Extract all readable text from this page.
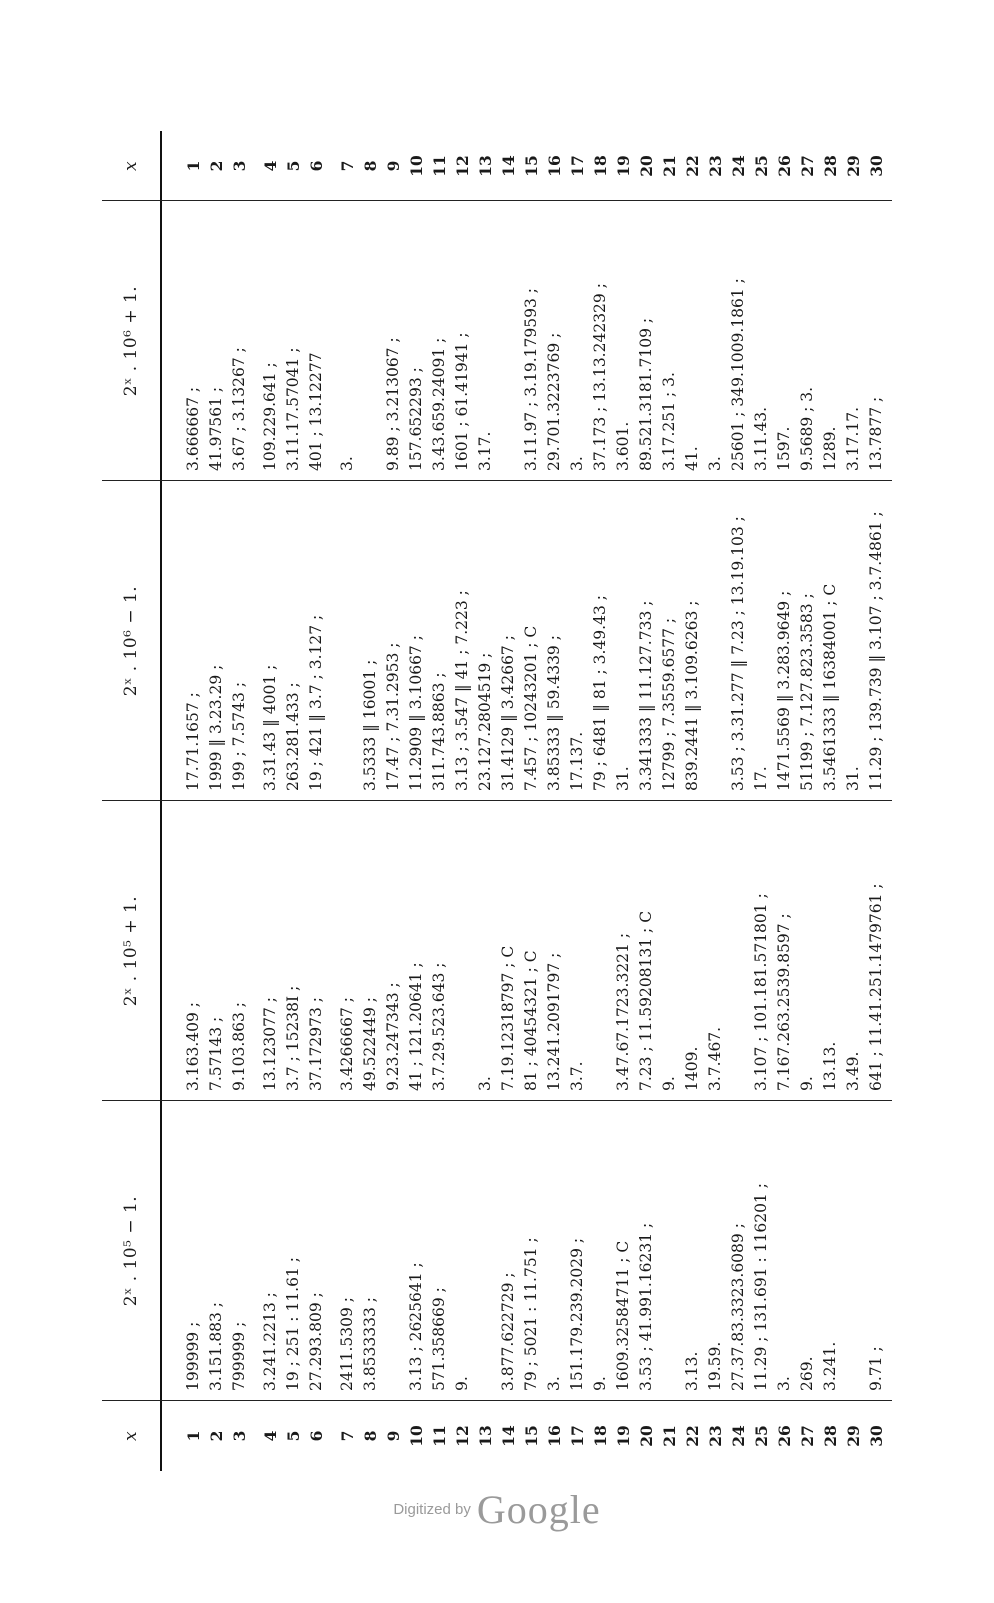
x
2ˣ . 10⁵ − 1.
2ˣ . 10⁵ + 1.
2ˣ . 10⁶ − 1.
2ˣ . 10⁶ + 1.
x
1 2 3 4 5 6 7 8 9 10 11 12 13 14 15 16 17 18 19 20 21 22 23 24 25 26 27 28 29 30
199999 ; 3.151.883 ; 799999 ; 3.241.2213 ; 19 ; 251 : 11.61 ; 27.293.809 ; 2411.5309 ; 3.8533333 ; 3.13 ; 2625641 ; 571.358669 ; 9. 3.877.622729 ; 79 ; 5021 : 11.751 ; 3. 151.179.239.2029 ; 9. 1609.32584711 ; C 3.53 ; 41.991.16231 ; 3.13. 19.59. 27.37.83.3323.6089 ; 11.29 ; 131.691 : 116201 ; 3. 269. 3.241. 9.71 ;
3.163.409 ; 7.57143 ; 9.103.863 ; 13.123077 ; 3.7 ; 15238I ; 37.172973 ; 3.4266667 ; 49.522449 ; 9.23.247343 ; 41 ; 121.20641 ; 3.7.29.523.643 ; 3. 7.19.12318797 ; C 81 ; 40454321 ; C 13.241.2091797 ; 3.7. 3.47.67.1723.3221 ; 7.23 ; 11.59208131 ; C 9. 1409. 3.7.467. 3.107 ; 101.181.571801 ; 7.167.263.2539.8597 ; 9. 13.13. 3.49. 641 ; 11.41.251.1479761 ;
17.71.1657 ; 1999 ‖ 3.23.29 ; 199 ; 7.5743 ; 3.31.43 ‖ 4001 ; 263.281.433 ; 19 ; 421 ‖ 3.7 ; 3.127 ; 3.5333 ‖ 16001 ; 17.47 ; 7.31.2953 ; 11.2909 ‖ 3.10667 ; 311.743.8863 ; 3.13 ; 3.547 ‖ 41 ; 7.223 ; 23.127.2804519 ; 31.4129 ‖ 3.42667 ; 7.457 ; 10243201 ; C 3.85333 ‖ 59.4339 ; 17.137. 79 ; 6481 ‖ 81 ; 3.49.43 ; 31. 3.341333 ‖ 11.127.733 ; 12799 ; 7.3559.6577 ; 839.2441 ‖ 3.109.6263 ; 3.53 ; 3.31.277 ‖ 7.23 ; 13.19.103 ; 17. 1471.5569 ‖ 3.283.9649 ; 51199 ; 7.127.823.3583 ; 3.5461333 ‖ 16384001 ; C 31. 11.29 ; 139.739 ‖ 3.107 ; 3.7.4861 ;
3.666667 ; 41.97561 ; 3.67 ; 3.13267 ; 109.229.641 ; 3.11.17.57041 ; 401 ; 13.12277 3. 9.89 ; 3.213067 ; 157.652293 ; 3.43.659.24091 ; 1601 ; 61.41941 ; 3.17. 3.11.97 ; 3.19.179593 ; 29.701.3223769 ; 3. 37.173 ; 13.13.242329 ; 3.601. 89.521.3181.7109 ; 3.17.251 ; 3. 41. 3. 25601 ; 349.1009.1861 ; 3.11.43. 1597. 9.5689 ; 3. 1289. 3.17.17. 13.7877 ;
1 2 3 4 5 6 7 8 9 10 11 12 13 14 15 16 17 18 19 20 21 22 23 24 25 26 27 28 29 30
Digitized by Google
